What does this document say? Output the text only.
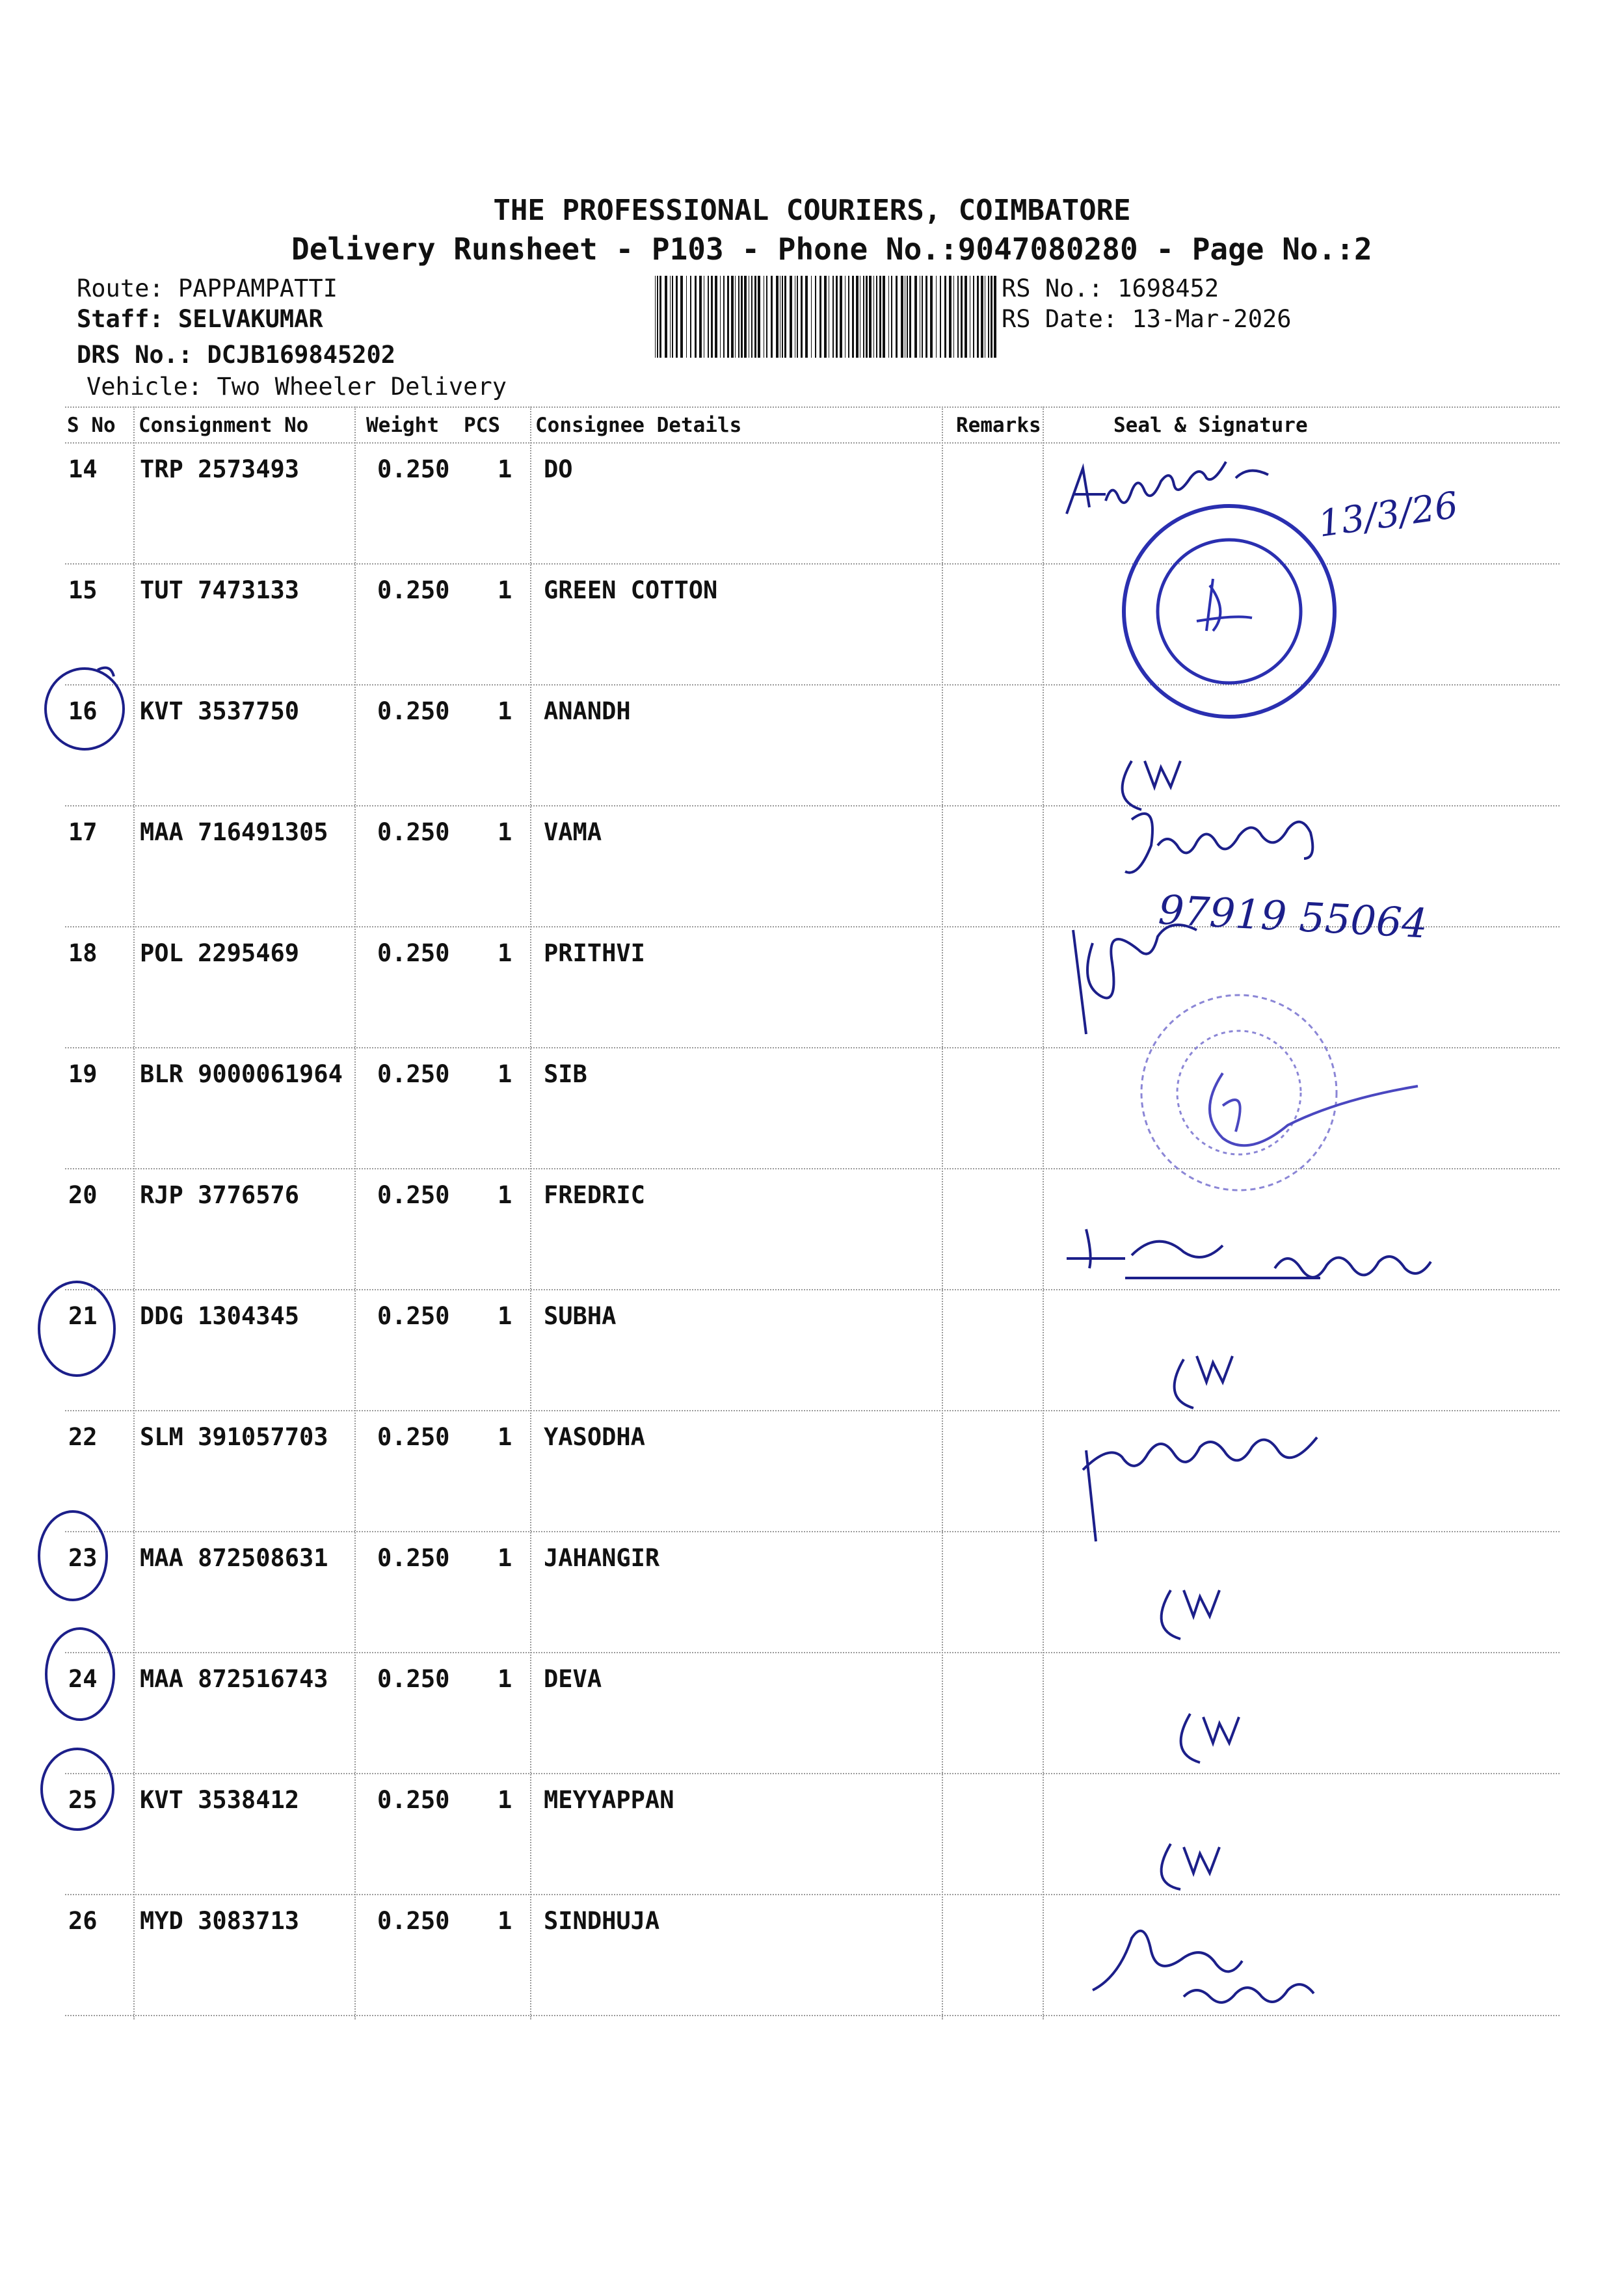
THE PROFESSIONAL COURIERS, COIMBATORE
Delivery Runsheet - P103 - Phone No.:9047080280 - Page No.:2
Route: PAPPAMPATTI
Staff: SELVAKUMAR
DRS No.: DCJB169845202
Vehicle: Two Wheeler Delivery
RS No.: 1698452
RS Date: 13-Mar-2026
S No Consignment No	Weight PCS Consignee Details	Remarks	Seal & Signature
14 TRP 2573493	0.250 1 DO
15 TUT 7473133	0.250 1 GREEN COTTON
16 KVT 3537750	0.250 1 ANANDH
17 MAA 716491305 0.250 1 VAMA
18 POL 2295469	0.250 1 PRITHVI
19 BLR 9000061964 0.250 1 SIB
20 RJP 3776576	0.250 1 FREDRIC
21 DDG 1304345	0.250 1 SUBHA
22 SLM 391057703 0.250 1 YASODHA
23 MAA 872508631 0.250 1 JAHANGIR
24 MAA 872516743 0.250 1 DEVA
25 KVT 3538412	0.250 1 MEYYAPPAN
26 MYD 3083713	0.250 1 SINDHUJA
13/3/26
97919 55064
